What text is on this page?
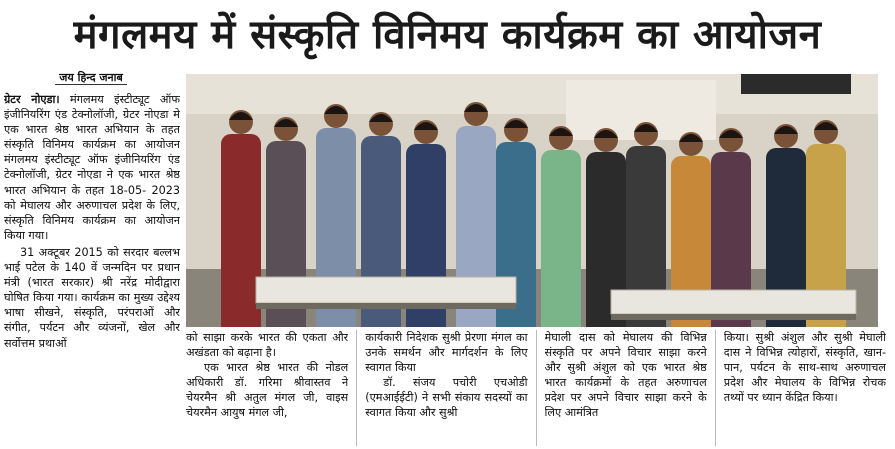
मंगलमय में संस्कृति विनिमय कार्यक्रम का आयोजन
जय हिन्द जनाब

ग्रेटर नोएडा। मंगलमय इंस्टीट्यूट ऑफ इंजीनियरिंग एंड टेक्नोलॉजी, ग्रेटर नोएडा मे एक भारत श्रेष्ठ भारत अभियान के तहत संस्कृति विनिमय कार्यक्रम का आयोजन मंगलमय इंस्टीट्यूट ऑफ इंजीनियरिंग एंड टेक्नोलॉजी, ग्रेटर नोएडा ने एक भारत श्रेष्ठ भारत अभियान के तहत 18-05- 2023 को मेघालय और अरुणाचल प्रदेश के लिए, संस्कृति विनिमय कार्यक्रम का आयोजन किया गया।

31 अक्टूबर 2015 को सरदार बल्लभ भाई पटेल के 140 वें जन्मदिन पर प्रधान मंत्री (भारत सरकार) श्री नरेंद्र मोदीद्वारा घोषित किया गया। कार्यक्रम का मुख्य उद्देश्य भाषा सीखने, संस्कृति, परंपराओं और संगीत, पर्यटन और व्यंजनों, खेल और सर्वोत्तम प्रथाओं	को साझा करके भारत की एकता और अखंडता को बढ़ाना है।

एक भारत श्रेष्ठ भारत की नोडल अधिकारी डॉ. गरिमा श्रीवास्तव ने चेयरमैन श्री अतुल मंगल जी, वाइस चेयरमैन आयुष मंगल जी,

कार्यकारी निदेशक सुश्री प्रेरणा मंगल का उनके समर्थन और मार्गदर्शन के लिए स्वागत किया

डॉ. संजय पचोरी एचओडी (एमआईईटी) ने सभी संकाय सदस्यों का स्वागत किया और सुश्री

मेघाली दास को मेघालय की विभिन्न संस्कृति पर अपने विचार साझा करने और सुश्री अंशुल को एक भारत श्रेष्ठ भारत कार्यक्रमों के तहत अरुणाचल प्रदेश पर अपने विचार साझा करने के लिए आमंत्रित

किया। सुश्री अंशुल और सुश्री मेघाली दास ने विभिन्न त्योहारों, संस्कृति, खान-पान, पर्यटन के साथ-साथ अरुणाचल प्रदेश और मेघालय के विभिन्न रोचक तथ्यों पर ध्यान केंद्रित किया।
